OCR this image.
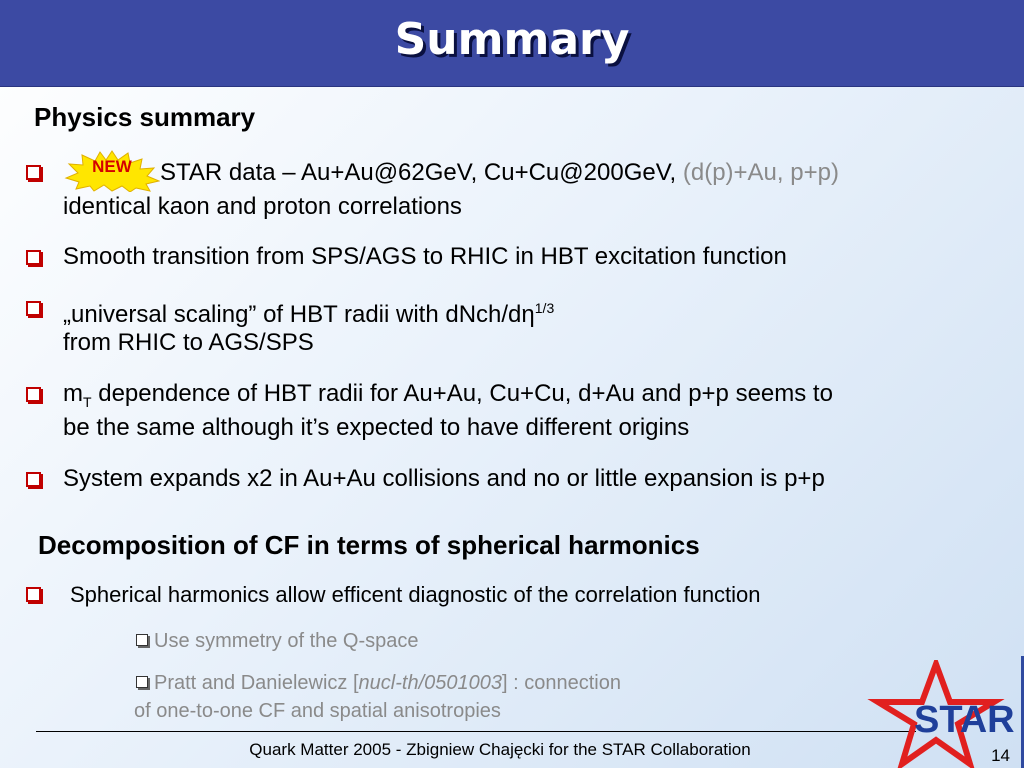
Summary
Physics summary
NEW	STAR data – Au+Au@62GeV, Cu+Cu@200GeV, (d(p)+Au, p+p)
identical kaon and proton correlations
Smooth transition from SPS/AGS to RHIC in HBT excitation function
„universal scaling” of HBT radii with dNch/$d\eta^{1/3}$
from RHIC to AGS/SPS
$m_T$ dependence of HBT radii for Au+Au, Cu+Cu, d+Au and p+p seems to
be the same although it’s expected to have different origins
System expands x2 in Au+Au collisions and no or little expansion is p+p
Decomposition of CF in terms of spherical harmonics
Spherical harmonics allow efficent diagnostic of the correlation function
Use symmetry of the Q-space
Pratt and Danielewicz [nucl-th/0501003] : connection
of one-to-one CF and spatial anisotropies
Quark Matter 2005 - Zbigniew Chajęcki for the STAR Collaboration
STAR
14
